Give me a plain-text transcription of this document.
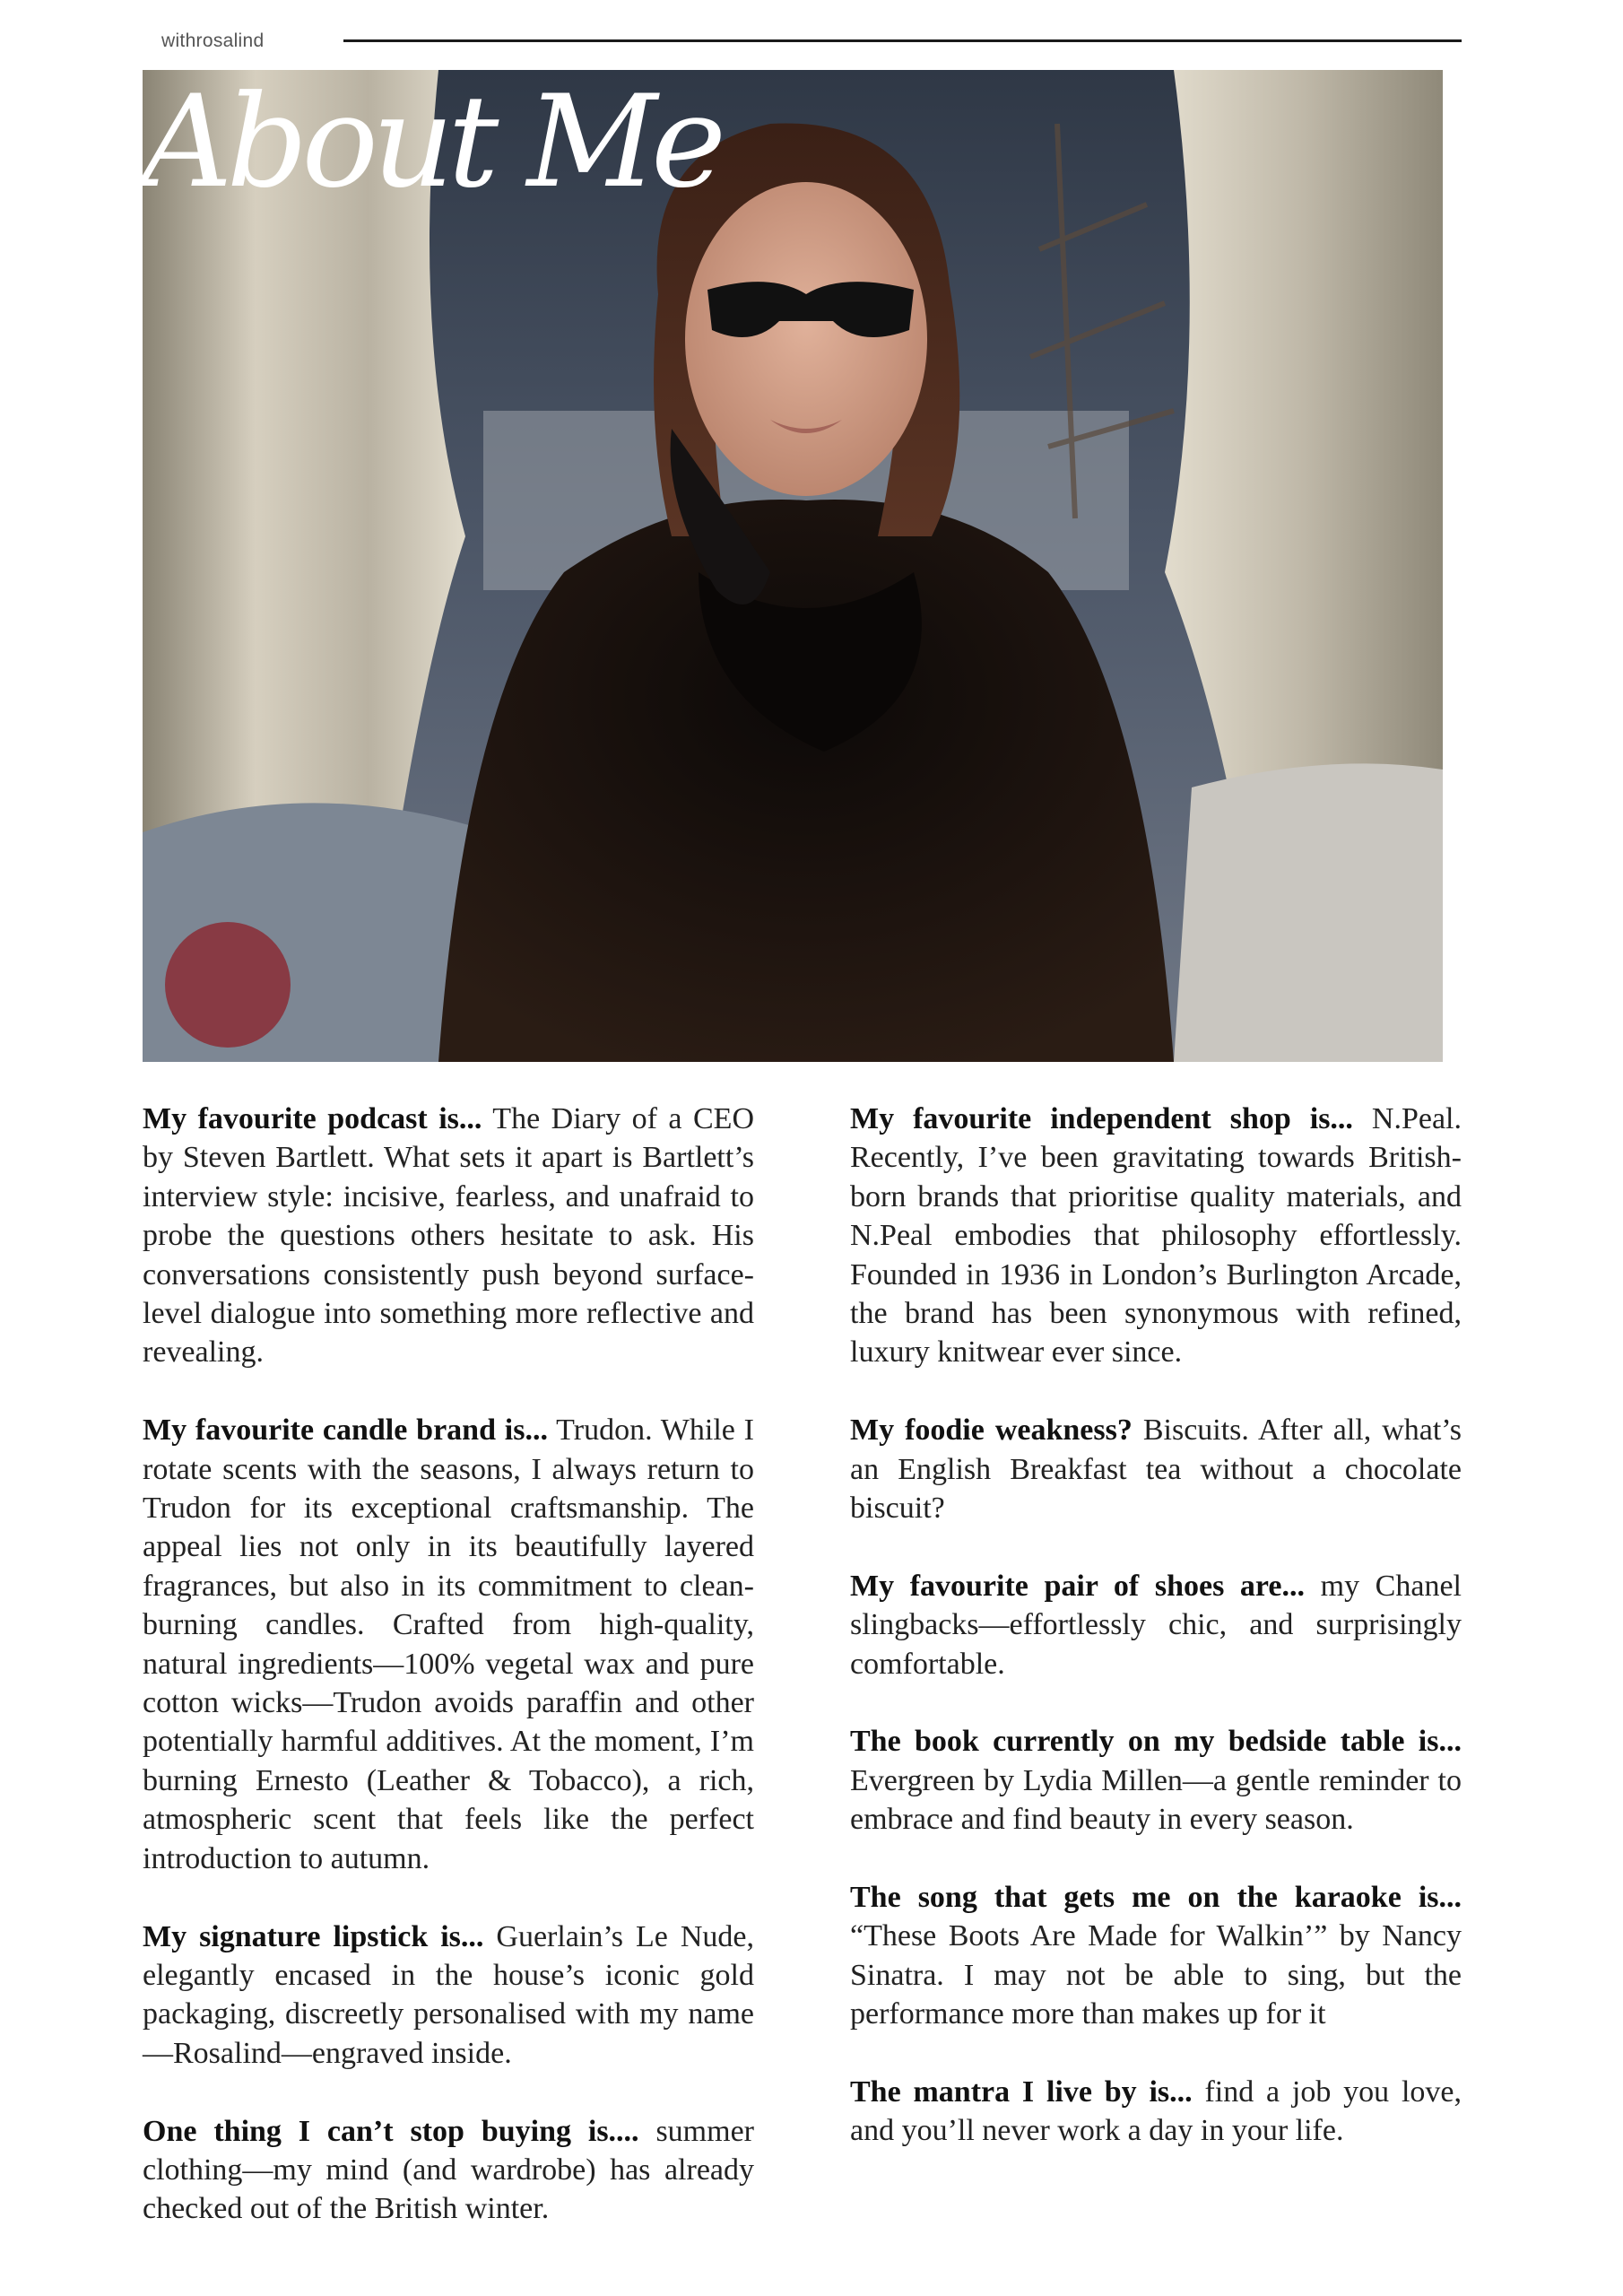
withrosalind
About Me

My favourite podcast is... The Diary of a CEO by Steven Bartlett. What sets it apart is Bartlett’s interview style: incisive, fearless, and unafraid to probe the questions others hesitate to ask. His conversations consistently push beyond surface-level dialogue into something more reflective and revealing.

My favourite candle brand is... Trudon. While I rotate scents with the seasons, I always return to Trudon for its exceptional craftsmanship. The appeal lies not only in its beautifully layered fragrances, but also in its commitment to clean-burning candles. Crafted from high-quality, natural ingredients—100% vegetal wax and pure cotton wicks—Trudon avoids paraffin and other potentially harmful additives. At the moment, I’m burning Ernesto (Leather & Tobacco), a rich, atmospheric scent that feels like the perfect introduction to autumn.

My signature lipstick is... Guerlain’s Le Nude, elegantly encased in the house’s iconic gold packaging, discreetly personalised with my name—Rosalind—engraved inside.

One thing I can’t stop buying is.... summer clothing—my mind (and wardrobe) has already checked out of the British winter.

My favourite independent shop is... N.Peal. Recently, I’ve been gravitating towards British-born brands that prioritise quality materials, and N.Peal embodies that philosophy effortlessly. Founded in 1936 in London’s Burlington Arcade, the brand has been synonymous with refined, luxury knitwear ever since.

My foodie weakness? Biscuits. After all, what’s an English Breakfast tea without a chocolate biscuit?

My favourite pair of shoes are... my Chanel slingbacks—effortlessly chic, and surprisingly comfortable.

The book currently on my bedside table is... Evergreen by Lydia Millen—a gentle reminder to embrace and find beauty in every season.

The song that gets me on the karaoke is... “These Boots Are Made for Walkin’” by Nancy Sinatra. I may not be able to sing, but the performance more than makes up for it

The mantra I live by is... find a job you love, and you’ll never work a day in your life.
